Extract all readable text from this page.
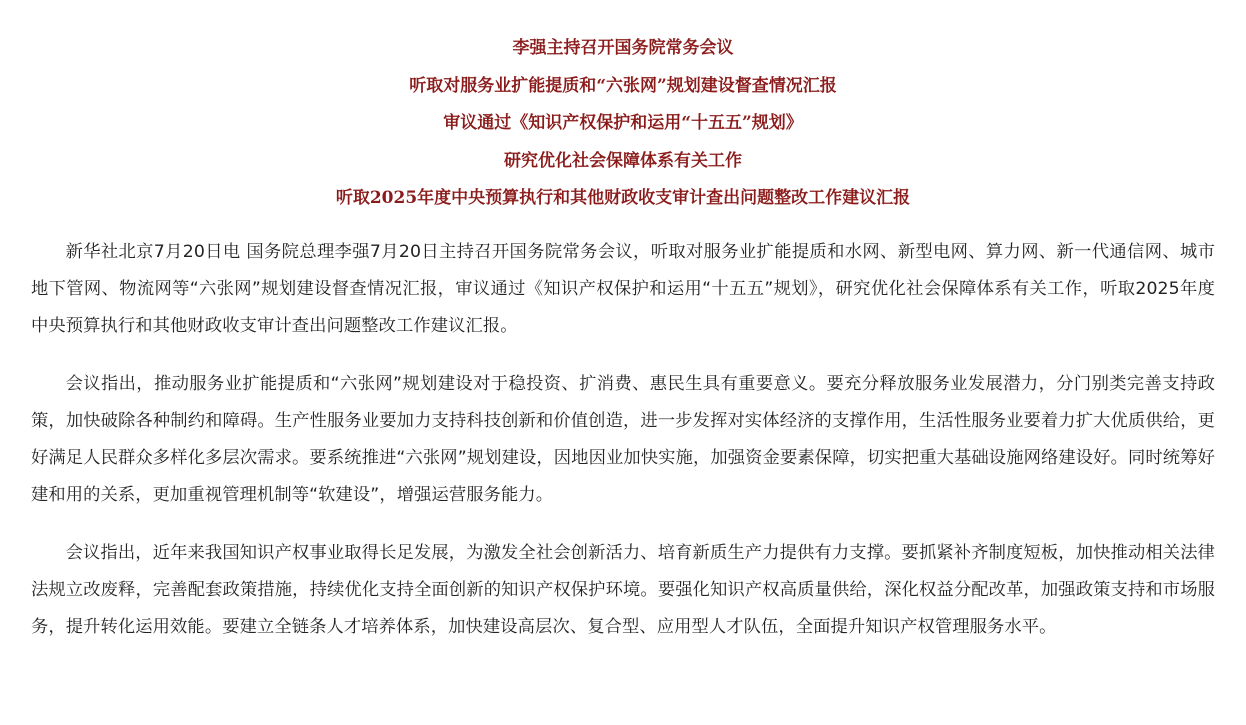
李强主持召开国务院常务会议
听取对服务业扩能提质和“六张网”规划建设督查情况汇报
审议通过《知识产权保护和运用“十五五”规划》
研究优化社会保障体系有关工作
听取2025年度中央预算执行和其他财政收支审计查出问题整改工作建议汇报

新华社北京7月20日电 国务院总理李强7月20日主持召开国务院常务会议，听取对服务业扩能提质和水网、新型电网、算力网、新一代通信网、城市地下管网、物流网等“六张网”规划建设督查情况汇报，审议通过《知识产权保护和运用“十五五”规划》，研究优化社会保障体系有关工作，听取2025年度中央预算执行和其他财政收支审计查出问题整改工作建议汇报。

会议指出，推动服务业扩能提质和“六张网”规划建设对于稳投资、扩消费、惠民生具有重要意义。要充分释放服务业发展潜力，分门别类完善支持政策，加快破除各种制约和障碍。生产性服务业要加力支持科技创新和价值创造，进一步发挥对实体经济的支撑作用，生活性服务业要着力扩大优质供给，更好满足人民群众多样化多层次需求。要系统推进“六张网”规划建设，因地因业加快实施，加强资金要素保障，切实把重大基础设施网络建设好。同时统筹好建和用的关系，更加重视管理机制等“软建设”，增强运营服务能力。

会议指出，近年来我国知识产权事业取得长足发展，为激发全社会创新活力、培育新质生产力提供有力支撑。要抓紧补齐制度短板，加快推动相关法律法规立改废释，完善配套政策措施，持续优化支持全面创新的知识产权保护环境。要强化知识产权高质量供给，深化权益分配改革，加强政策支持和市场服务，提升转化运用效能。要建立全链条人才培养体系，加快建设高层次、复合型、应用型人才队伍，全面提升知识产权管理服务水平。
